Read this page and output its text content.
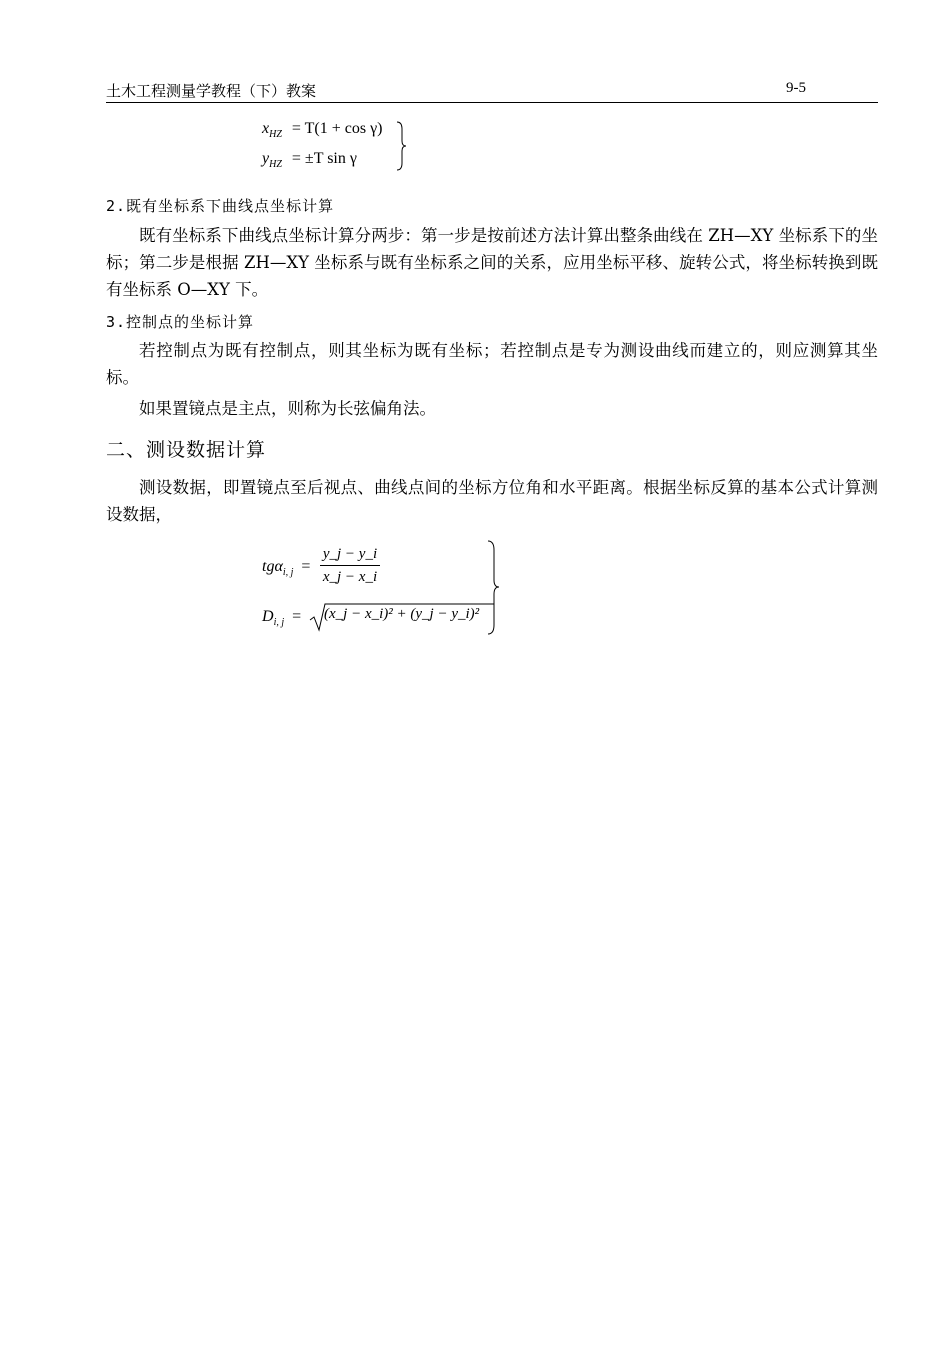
土木工程测量学教程（下）教案	9-5
$x_{HZ} = T(1 + \cos \gamma)$
$y_{HZ} = \pm T$ sin γ
2.既有坐标系下曲线点坐标计算

既有坐标系下曲线点坐标计算分两步：第一步是按前述方法计算出整条曲线在 ZH—XY 坐标系下的坐标；第二步是根据 ZH—XY 坐标系与既有坐标系之间的关系，应用坐标平移、旋转公式，将坐标转换到既有坐标系 O—XY 下。

3.控制点的坐标计算

若控制点为既有控制点，则其坐标为既有坐标；若控制点是专为测设曲线而建立的，则应测算其坐标。

如果置镜点是主点，则称为长弦偏角法。

二、测设数据计算

测设数据，即置镜点至后视点、曲线点间的坐标方位角和水平距离。根据坐标反算的基本公式计算测设数据，

$tg\alpha_{i, j} = \frac{y\_j - y\_i}{x\_j - x\_i}$
$D_{i, j}$ = (x_j − x_i)² + (y_j − y_i)²
